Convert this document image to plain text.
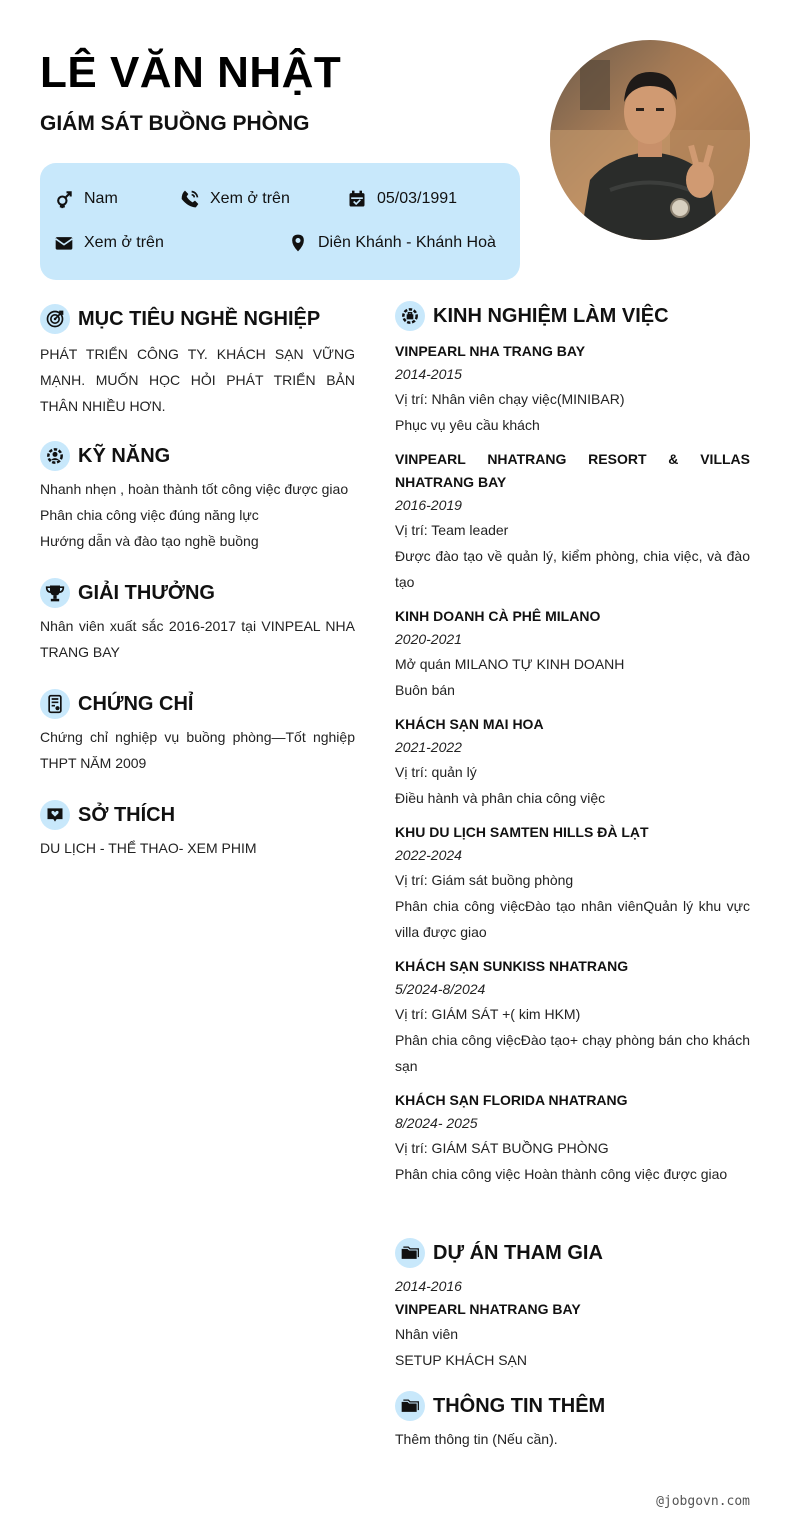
LÊ VĂN NHẬT
GIÁM SÁT BUỒNG PHÒNG
Nam	Xem ở trên	05/03/1991
Xem ở trên	Diên Khánh - Khánh Hoà
MỤC TIÊU NGHỀ NGHIỆP
PHÁT TRIỂN CÔNG TY. KHÁCH SẠN VỮNG MẠNH. MUỐN HỌC HỎI PHÁT TRIỂN BẢN THÂN NHIỀU HƠN.
KỸ NĂNG
Nhanh nhẹn , hoàn thành tốt công việc được giao
Phân chia công việc đúng năng lực
Hướng dẫn và đào tạo nghề buồng
GIẢI THƯỞNG
Nhân viên xuất sắc 2016-2017 tại VINPEAL NHA TRANG BAY
CHỨNG CHỈ
Chứng chỉ nghiệp vụ buồng phòng—Tốt nghiệp THPT NĂM 2009
SỞ THÍCH
DU LỊCH - THỂ THAO- XEM PHIM
KINH NGHIỆM LÀM VIỆC
VINPEARL NHA TRANG BAY
2014-2015
Vị trí: Nhân viên chạy việc(MINIBAR)
Phục vụ yêu cầu khách
VINPEARL NHATRANG RESORT & VILLAS NHATRANG BAY
2016-2019
Vị trí: Team leader
Được đào tạo về quản lý, kiểm phòng, chia việc, và đào tạo
KINH DOANH CÀ PHÊ MILANO
2020-2021
Mở quán MILANO TỰ KINH DOANH
Buôn bán
KHÁCH SẠN MAI HOA
2021-2022
Vị trí: quản lý
Điều hành và phân chia công việc
KHU DU LỊCH SAMTEN HILLS ĐÀ LẠT
2022-2024
Vị trí: Giám sát buồng phòng
Phân chia công việcĐào tạo nhân viênQuản lý khu vực villa được giao
KHÁCH SẠN SUNKISS NHATRANG
5/2024-8/2024
Vị trí: GIÁM SÁT +( kim HKM)
Phân chia công việcĐào tạo+ chạy phòng bán cho khách sạn
KHÁCH SẠN FLORIDA NHATRANG
8/2024- 2025
Vị trí: GIÁM SÁT BUỒNG PHÒNG
Phân chia công việc Hoàn thành công việc được giao
DỰ ÁN THAM GIA
2014-2016
VINPEARL NHATRANG BAY
Nhân viên
SETUP KHÁCH SẠN
THÔNG TIN THÊM
Thêm thông tin (Nếu cần).
@jobgovn.com
